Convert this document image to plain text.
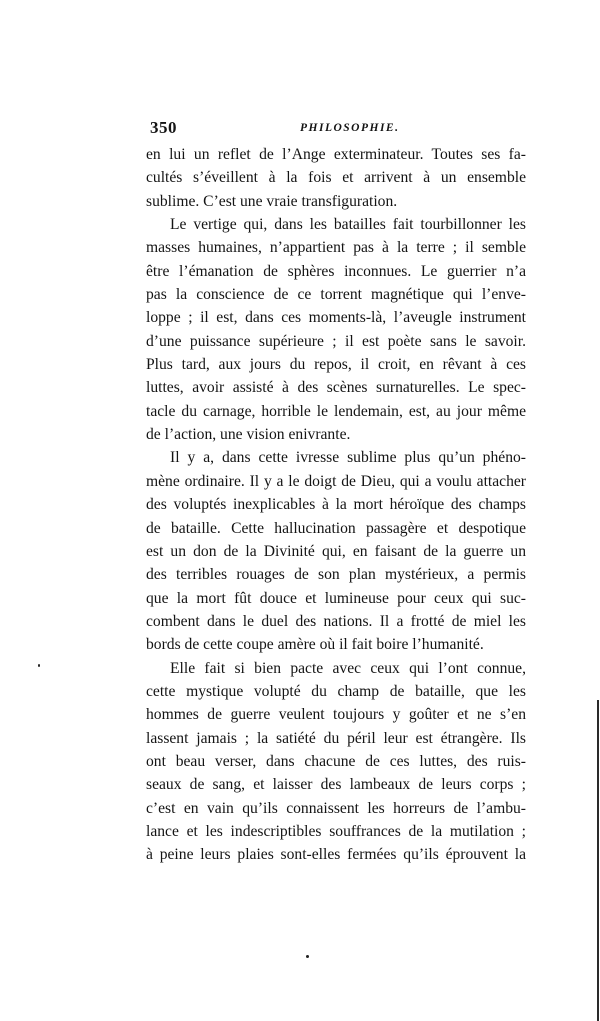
350	PHILOSOPHIE.
en lui un reflet de l’Ange exterminateur. Toutes ses fa-
cultés s’éveillent à la fois et arrivent à un ensemble
sublime. C’est une vraie transfiguration.
Le vertige qui, dans les batailles fait tourbillonner les
masses humaines, n’appartient pas à la terre ; il semble
être l’émanation de sphères inconnues. Le guerrier n’a
pas la conscience de ce torrent magnétique qui l’enve-
loppe ; il est, dans ces moments-là, l’aveugle instrument
d’une puissance supérieure ; il est poète sans le savoir.
Plus tard, aux jours du repos, il croit, en rêvant à ces
luttes, avoir assisté à des scènes surnaturelles. Le spec-
tacle du carnage, horrible le lendemain, est, au jour même
de l’action, une vision enivrante.
Il y a, dans cette ivresse sublime plus qu’un phéno-
mène ordinaire. Il y a le doigt de Dieu, qui a voulu attacher
des voluptés inexplicables à la mort héroïque des champs
de bataille. Cette hallucination passagère et despotique
est un don de la Divinité qui, en faisant de la guerre un
des terribles rouages de son plan mystérieux, a permis
que la mort fût douce et lumineuse pour ceux qui suc-
combent dans le duel des nations. Il a frotté de miel les
bords de cette coupe amère où il fait boire l’humanité.
Elle fait si bien pacte avec ceux qui l’ont connue,
cette mystique volupté du champ de bataille, que les
hommes de guerre veulent toujours y goûter et ne s’en
lassent jamais ; la satiété du péril leur est étrangère. Ils
ont beau verser, dans chacune de ces luttes, des ruis-
seaux de sang, et laisser des lambeaux de leurs corps ;
c’est en vain qu’ils connaissent les horreurs de l’ambu-
lance et les indescriptibles souffrances de la mutilation ;
à peine leurs plaies sont-elles fermées qu’ils éprouvent la
